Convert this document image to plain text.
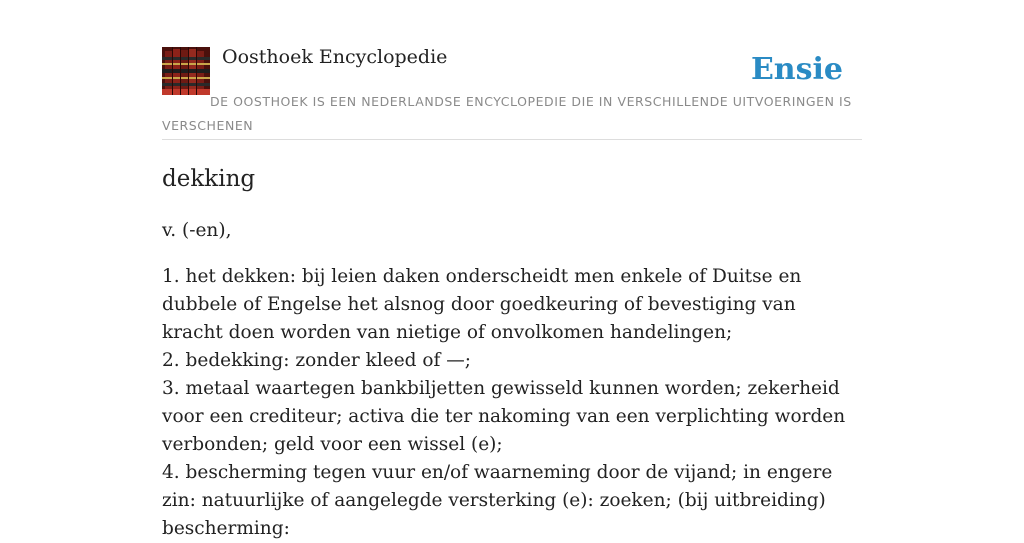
Oosthoek Encyclopedie	Ensie

DE OOSTHOEK IS EEN NEDERLANDSE ENCYCLOPEDIE DIE IN VERSCHILLENDE UITVOERINGEN IS VERSCHENEN

dekking

v. (-en),

1. het dekken: bij leien daken onderscheidt men enkele of Duitse en dubbele of Engelse het alsnog door goedkeuring of bevestiging van kracht doen worden van nietige of onvolkomen handelingen;
2. bedekking: zonder kleed of —;
3. metaal waartegen bankbiljetten gewisseld kunnen worden; zekerheid voor een crediteur; activa die ter nakoming van een verplichting worden verbonden; geld voor een wissel (e);
4. bescherming tegen vuur en/of waarneming door de vijand; in engere zin: natuurlijke of aangelegde versterking (e): zoeken; (bij uitbreiding) bescherming:
